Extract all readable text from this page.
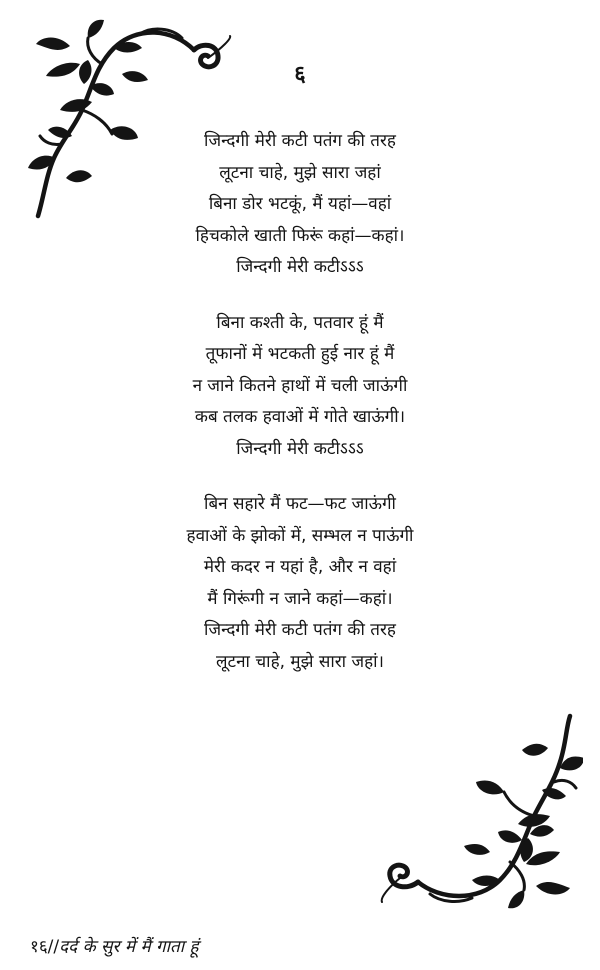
६
जिन्दगी मेरी कटी पतंग की तरह
लूटना चाहे, मुझे सारा जहां
बिना डोर भटकूं, मैं यहां—वहां
हिचकोले खाती फिरूं कहां—कहां।
जिन्दगी मेरी कटीऽऽऽ
बिना कश्ती के, पतवार हूं मैं
तूफानों में भटकती हुई नार हूं मैं
न जाने कितने हाथों में चली जाऊंगी
कब तलक हवाओं में गोते खाऊंगी।
जिन्दगी मेरी कटीऽऽऽ
बिन सहारे मैं फट—फट जाऊंगी
हवाओं के झोकों में, सम्भल न पाऊंगी
मेरी कदर न यहां है, और न वहां
मैं गिरूंगी न जाने कहां—कहां।
जिन्दगी मेरी कटी पतंग की तरह
लूटना चाहे, मुझे सारा जहां।
१६//दर्द के सुर में मैं गाता हूं
